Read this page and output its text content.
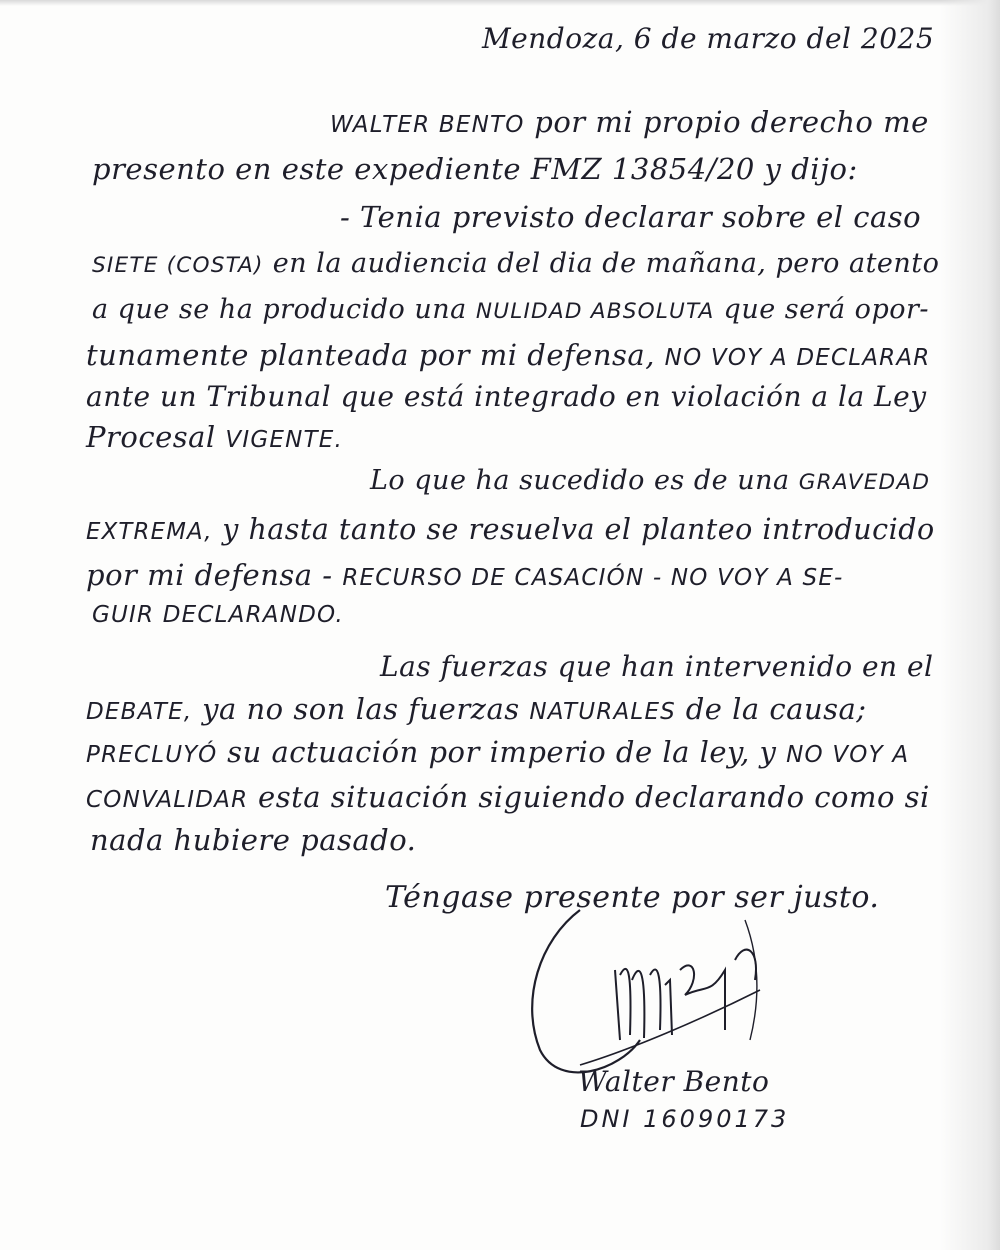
Mendoza, 6 de marzo del 2025
WALTER BENTO por mi propio derecho me
presento en este expediente FMZ 13854/20 y dijo:
- Tenia previsto declarar sobre el caso
SIETE (COSTA) en la audiencia del dia de mañana, pero atento
a que se ha producido una NULIDAD ABSOLUTA que será opor-
tunamente planteada por mi defensa, NO VOY A DECLARAR
ante un Tribunal que está integrado en violación a la Ley
Procesal VIGENTE.
Lo que ha sucedido es de una GRAVEDAD
EXTREMA, y hasta tanto se resuelva el planteo introducido
por mi defensa - RECURSO DE CASACIÓN - NO VOY A SE-
GUIR DECLARANDO.
Las fuerzas que han intervenido en el
DEBATE, ya no son las fuerzas NATURALES de la causa;
PRECLUYÓ su actuación por imperio de la ley, y NO VOY A
CONVALIDAR esta situación siguiendo declarando como si
nada hubiere pasado.
Téngase presente por ser justo.
Walter Bento
DNI 16090173
